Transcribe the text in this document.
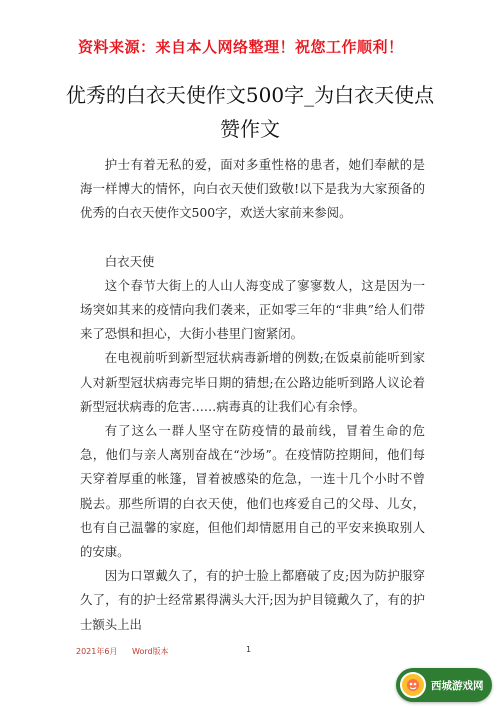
资料来源：来自本人网络整理！祝您工作顺利！
优秀的白衣天使作文500字_为白衣天使点赞作文

护士有着无私的爱，面对多重性格的患者，她们奉献的是海一样博大的情怀，向白衣天使们致敬!以下是我为大家预备的优秀的白衣天使作文500字，欢送大家前来参阅。

白衣天使

这个春节大街上的人山人海变成了寥寥数人，这是因为一场突如其来的疫情向我们袭来，正如零三年的“非典”给人们带来了恐惧和担心，大街小巷里门窗紧闭。

在电视前听到新型冠状病毒新增的例数;在饭桌前能听到家人对新型冠状病毒完毕日期的猜想;在公路边能听到路人议论着新型冠状病毒的危害……病毒真的让我们心有余悸。

有了这么一群人坚守在防疫情的最前线，冒着生命的危急，他们与亲人离别奋战在“沙场”。在疫情防控期间，他们每天穿着厚重的帐篷，冒着被感染的危急，一连十几个小时不曾脱去。那些所谓的白衣天使，他们也疼爱自己的父母、儿女，也有自己温馨的家庭，但他们却情愿用自己的平安来换取别人的安康。

因为口罩戴久了，有的护士脸上都磨破了皮;因为防护服穿久了，有的护士经常累得满头大汗;因为护目镜戴久了，有的护士额头上出

2021年6月 Word版本	1
西城游戏网
